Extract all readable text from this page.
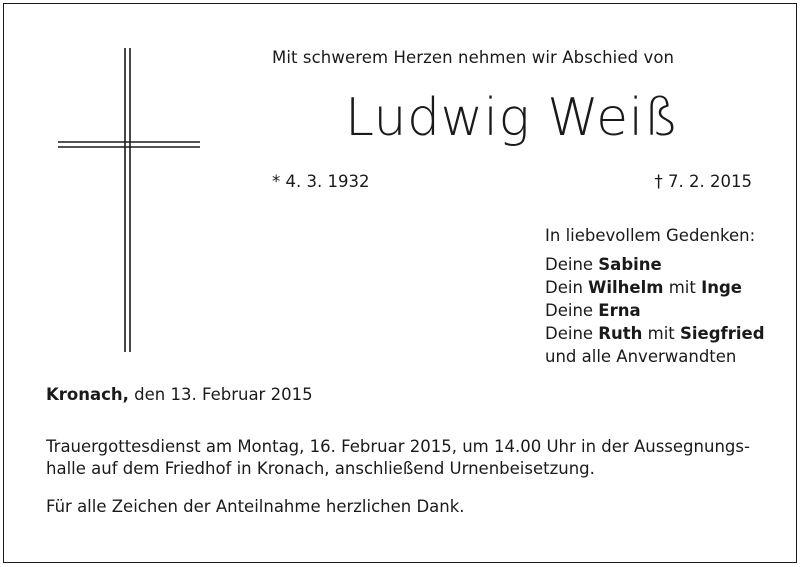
Mit schwerem Herzen nehmen wir Abschied von
Ludwig Weiß
* 4. 3. 1932	† 7. 2. 2015
In liebevollem Gedenken:
Deine Sabine
Dein Wilhelm mit Inge
Deine Erna
Deine Ruth mit Siegfried
und alle Anverwandten
Kronach, den 13. Februar 2015
Trauergottesdienst am Montag, 16. Februar 2015, um 14.00 Uhr in der Aussegnungs-
halle auf dem Friedhof in Kronach, anschließend Urnenbeisetzung.
Für alle Zeichen der Anteilnahme herzlichen Dank.
